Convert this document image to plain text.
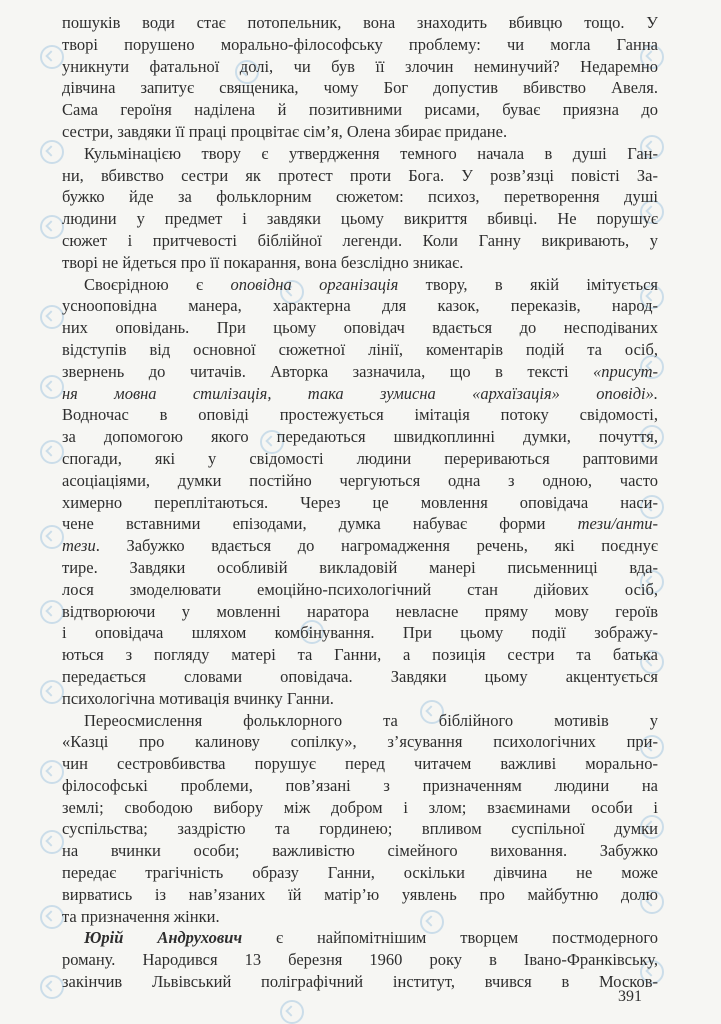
пошуків води стає потопельник, вона знаходить вбивцю тощо. У
творі порушено морально-філософську проблему: чи могла Ганна
уникнути фатальної долі, чи був її злочин неминучий? Недаремно
дівчина запитує священика, чому Бог допустив вбивство Авеля.
Сама героїня наділена й позитивними рисами, буває приязна до
сестри, завдяки її праці процвітає сім’я, Олена збирає придане.
Кульмінацією твору є утвердження темного начала в душі Ган-
ни, вбивство сестри як протест проти Бога. У розв’язці повісті За-
бужко йде за фольклорним сюжетом: психоз, перетворення душі
людини у предмет і завдяки цьому викриття вбивці. Не порушує
сюжет і притчевості біблійної легенди. Коли Ганну викривають, у
творі не йдеться про її покарання, вона безслідно зникає.
Своєрідною є оповідна організація твору, в якій імітується
уснооповідна манера, характерна для казок, переказів, народ-
них оповідань. При цьому оповідач вдається до несподіваних
відступів від основної сюжетної лінії, коментарів подій та осіб,
звернень до читачів. Авторка зазначила, що в тексті «присут-
ня мовна стилізація, така зумисна «архаїзація» оповіді».
Водночас в оповіді простежується імітація потоку свідомості,
за допомогою якого передаються швидкоплинні думки, почуття,
спогади, які у свідомості людини перериваються раптовими
асоціаціями, думки постійно чергуються одна з одною, часто
химерно переплітаються. Через це мовлення оповідача наси-
чене вставними епізодами, думка набуває форми тези/анти-
тези. Забужко вдається до нагромадження речень, які поєднує
тире. Завдяки особливій викладовій манері письменниці вда-
лося змоделювати емоційно-психологічний стан дійових осіб,
відтворюючи у мовленні наратора невласне пряму мову героїв
і оповідача шляхом комбінування. При цьому події зображу-
ються з погляду матері та Ганни, а позиція сестри та батька
передається словами оповідача. Завдяки цьому акцентується
психологічна мотивація вчинку Ганни.
Переосмислення фольклорного та біблійного мотивів у
«Казці про калинову сопілку», з’ясування психологічних при-
чин сестровбивства порушує перед читачем важливі морально-
філософські проблеми, пов’язані з призначенням людини на
землі; свободою вибору між добром і злом; взаєминами особи і
суспільства; заздрістю та гординею; впливом суспільної думки
на вчинки особи; важливістю сімейного виховання. Забужко
передає трагічність образу Ганни, оскільки дівчина не може
вирватись із нав’язаних їй матір’ю уявлень про майбутню долю
та призначення жінки.
Юрій Андрухович є найпомітнішим творцем постмодерного
роману. Народився 13 березня 1960 року в Івано-Франківську,
закінчив Львівський поліграфічний інститут, вчився в Москов-
391
